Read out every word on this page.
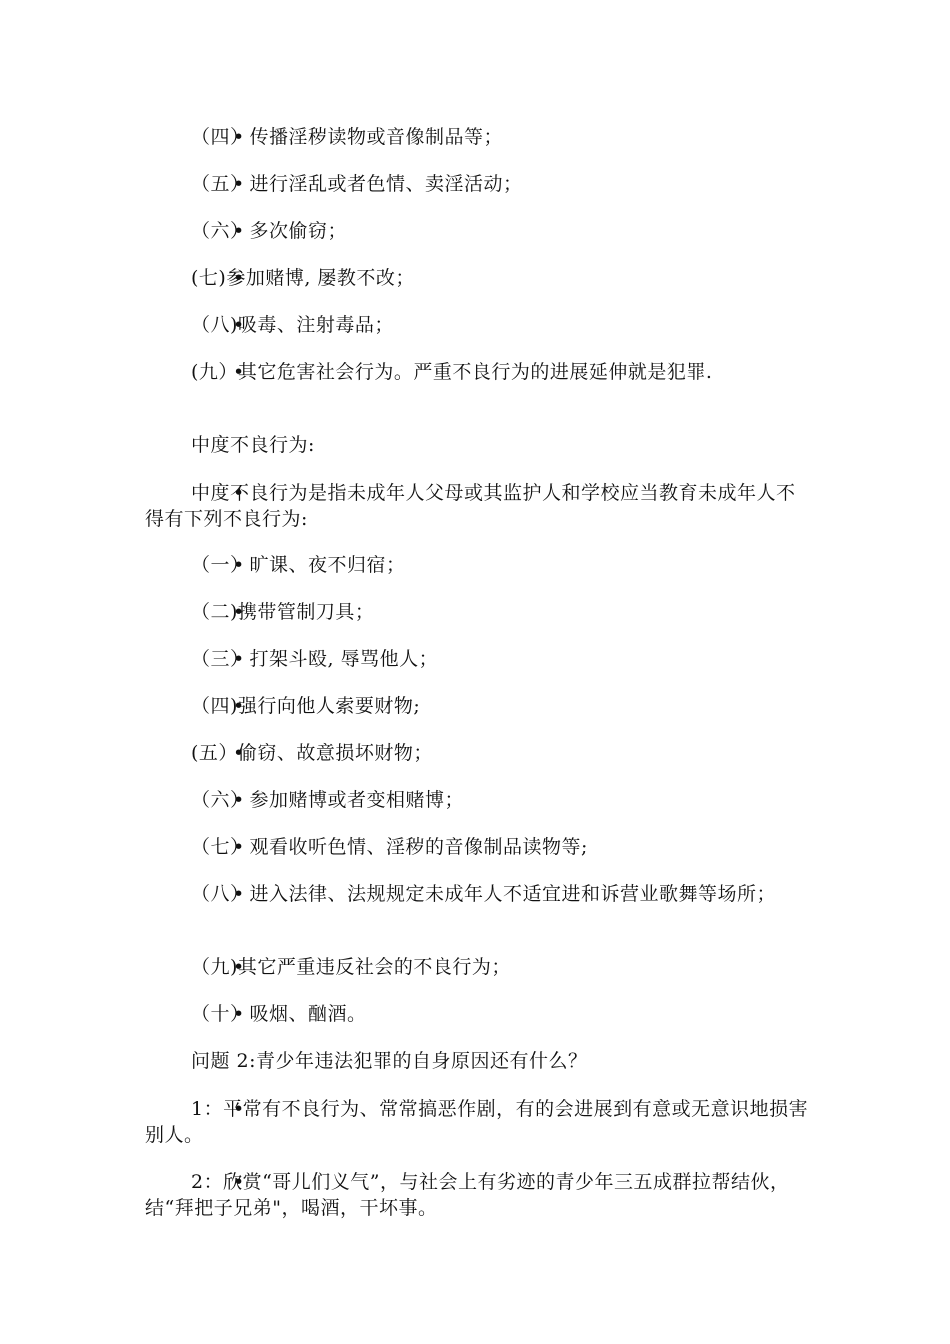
• （四）传播淫秽读物或音像制品等；
• （五）进行淫乱或者色情、卖淫活动；
• （六）多次偷窃；
• (七)参加赌博, 屡教不改；
• （八)吸毒、注射毒品；
• (九）其它危害社会行为。严重不良行为的进展延伸就是犯罪.
中度不良行为:
• 中度不良行为是指未成年人父母或其监护人和学校应当教育未成年人不得有下列不良行为:
• （一）旷课、夜不归宿；
• （二)携带管制刀具；
• （三）打架斗殴, 辱骂他人；
• （四)强行向他人索要财物;
• (五）偷窃、故意损坏财物；
• （六）参加赌博或者变相赌博；
• （七）观看收听色情、淫秽的音像制品读物等;
• （八）进入法律、法规规定未成年人不适宜进和诉营业歌舞等场所；
• （九)其它严重违反社会的不良行为；
• （十）吸烟、酗酒。
问题 2:青少年违法犯罪的自身原因还有什么？
• 1：平常有不良行为、常常搞恶作剧，有的会进展到有意或无意识地损害别人。
• 2：欣赏“哥儿们义气”，与社会上有劣迹的青少年三五成群拉帮结伙，结“拜把子兄弟"，喝酒，干坏事。
